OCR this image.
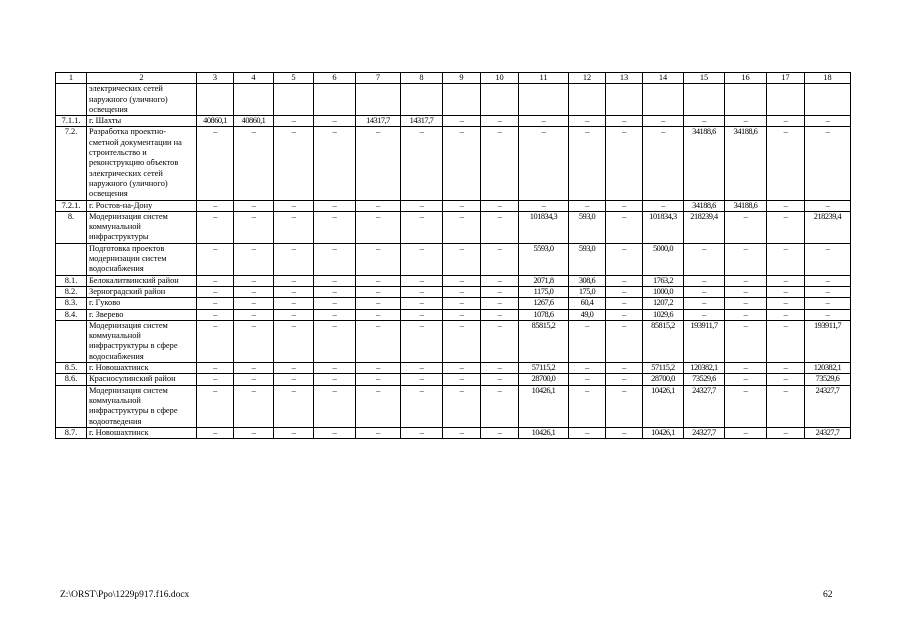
1	2	3	4	5	6	7	8	9	10	11	12	13	14	15	16	17	18
	электрических сетей наружного (уличного) освещения																
7.1.1.	г. Шахты	40860,1	40860,1	–	–	14317,7	14317,7	–	–	–	–	–	–	–	–	–	–
7.2.	Разработка проектно-сметной документации на строительство и реконструкцию объектов электрических сетей наружного (уличного) освещения	–	–	–	–	–	–	–	–	–	–	–	–	34188,6	34188,6	–	–
7.2.1.	г. Ростов-на-Дону	–	–	–	–	–	–	–	–	–	–	–	–	34188,6	34188,6	–	–
8.	Модернизация систем коммунальной инфраструктуры	–	–	–	–	–	–	–	–	101834,3	593,0	–	101834,3	218239,4	–	–	218239,4
	Подготовка проектов модернизации систем водоснабжения	–	–	–	–	–	–	–	–	5593,0	593,0	–	5000,0	–	–	–	–
8.1.	Белокалитвинский район	–	–	–	–	–	–	–	–	2071,8	308,6	–	1763,2	–	–	–	–
8.2.	Зерноградский район	–	–	–	–	–	–	–	–	1175,0	175,0	–	1000,0	–	–	–	–
8.3.	г. Гуково	–	–	–	–	–	–	–	–	1267,6	60,4	–	1207,2	–	–	–	–
8.4.	г. Зверево	–	–	–	–	–	–	–	–	1078,6	49,0	–	1029,6	–	–	–	–
	Модернизация систем коммунальной инфраструктуры в сфере водоснабжения	–	–	–	–	–	–	–	–	85815,2	–	–	85815,2	193911,7	–	–	193911,7
8.5.	г. Новошахтинск	–	–	–	–	–	–	–	–	57115,2	–	–	57115,2	120382,1	–	–	120382,1
8.6.	Красносулинский район	–	–	–	–	–	–	–	–	28700,0	–	–	28700,0	73529,6	–	–	73529,6
	Модернизация систем коммунальной инфраструктуры в сфере водоотведения	–	–	–	–	–	–	–	–	10426,1	–	–	10426,1	24327,7	–	–	24327,7
8.7.	г. Новошахтинск	–	–	–	–	–	–	–	–	10426,1	–	–	10426,1	24327,7	–	–	24327,7
Z:\ORST\Ppo\1229p917.f16.docx	62
